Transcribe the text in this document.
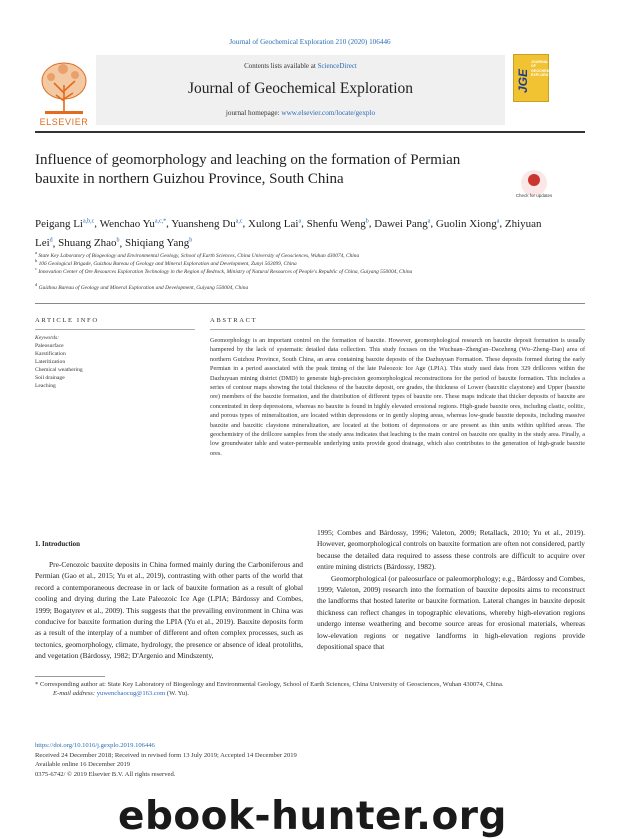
Journal of Geochemical Exploration 210 (2020) 106446
ELSEVIER
Contents lists available at ScienceDirect
Journal of Geochemical Exploration
journal homepage: www.elsevier.com/locate/gexplo
JGE
JOURNAL OF GEOCHEMICAL EXPLORATION
Influence of geomorphology and leaching on the formation of Permian bauxite in northern Guizhou Province, South China
Check for updates
Peigang Li$^{a,b,c}$, Wenchao $Yu^{a,c,*}$, Yuansheng Du$^{a,c}$, Xulong Lai$^a$, Shenfu Weng$^b$, Dawei Pang$^a$, Guolin Xiong$^a$, Zhiyuan Lei$^d$, Shuang Zhao$^b$, Shiqiang Yang$^b$
$^a$ State Key Laboratory of Biogeology and Environmental Geology, School of Earth Sciences, China University of Geosciences, Wuhan 430074, China
$^b$ 106 Geological Brigade, Guizhou Bureau of Geology and Mineral Exploration and Development, Zunyi 563099, China
$^c$ Innovation Center of Ore Resources Exploration Technology in the Region of Bedrock, Ministry of Natural Resources of People's Republic of China, Guiyang 550004, China
$^d$ Guizhou Bureau of Geology and Mineral Exploration and Development, Guiyang 550004, China
ARTICLE INFO
Keywords:
Paleosurface
Karstification
Lateritization
Chemical weathering
Soil drainage
Leaching
ABSTRACT
Geomorphology is an important control on the formation of bauxite. However, geomorphological research on bauxite deposit formation is usually hampered by the lack of systematic detailed data collection. This study focuses on the Wuchuan–Zheng'an–Daozheng (Wu–Zheng–Dao) area of northern Guizhou Province, South China, an area containing bauxite deposits of the Dazhuyuan Formation. These deposits formed during the early Permian in a period associated with the peak timing of the late Paleozoic Ice Age (LPIA). This study used data from 329 drillcores within the Dazhuyuan mining district (DMD) to generate high-precision geomorphological reconstructions for the period of bauxite formation. This includes a series of contour maps showing the total thickness of the bauxite deposit, ore grades, the thickness of Lower (bauxitic claystone) and Upper (bauxite ore) members of the bauxite formation, and the distribution of different types of bauxite ore. These maps indicate that thicker deposits of bauxite are concentrated in deep depressions, whereas no bauxite is found in highly elevated erosional regions. High-grade bauxite ores, including clastic, oolitic, and porous types of mineralization, are located within depressions or in gently sloping areas, whereas low-grade bauxite deposits, including massive bauxite and bauxitic claystone mineralization, are located at the bottom of depressions or are present as thin units within uplifted areas. The geochemistry of the drillcore samples from the study area indicates that leaching is the main control on bauxite ore quality in the study area. Finally, a low groundwater table and water-permeable underlying units provide good drainage, which also contributes to the generation of high-grade bauxite ores.
1. Introduction
Pre-Cenozoic bauxite deposits in China formed mainly during the Carboniferous and Permian (Gao et al., 2015; Yu et al., 2019), contrasting with other parts of the world that record a contemporaneous decrease in or lack of bauxite formation as a result of global cooling and drying during the Late Paleozoic Ice Age (LPIA; Bárdossy and Combes, 1999; Bogatyrev et al., 2009). This suggests that the prevailing environment in China was conducive for bauxite formation during the LPIA (Yu et al., 2019). Bauxite deposits form as a result of the interplay of a number of different and often complex processes, such as tectonics, geomorphology, climate, hydrology, the presence or absence of ideal protoliths, and vegetation (Bárdossy, 1982; D'Argenio and Mindszenty,

1995; Combes and Bárdossy, 1996; Valeton, 2009; Retallack, 2010; Yu et al., 2019). However, geomorphological controls on bauxite formation are often not considered, partly because the detailed data required to assess these controls are difficult to acquire over entire mining districts (Bárdossy, 1982).

Geomorphological (or paleosurface or paleomorphology; e.g., Bárdossy and Combes, 1999; Valeton, 2009) research into the formation of bauxite deposits aims to reconstruct the landforms that hosted laterite or bauxite formation. Lateral changes in bauxite deposit thickness can reflect changes in topographic elevations, whereby high-elevation regions undergo intense weathering and become source areas for erosional materials, whereas low-elevation regions or negative landforms in high-elevation regions provide depositional space that

* Corresponding author at: State Key Laboratory of Biogeology and Environmental Geology, School of Earth Sciences, China University of Geosciences, Wuhan 430074, China.
E-mail address: yuwenchaocug@163.com (W. Yu).
https://doi.org/10.1016/j.gexplo.2019.106446
Received 24 December 2018; Received in revised form 13 July 2019; Accepted 14 December 2019
Available online 16 December 2019
0375-6742/ © 2019 Elsevier B.V. All rights reserved.
ebook-hunter.org
